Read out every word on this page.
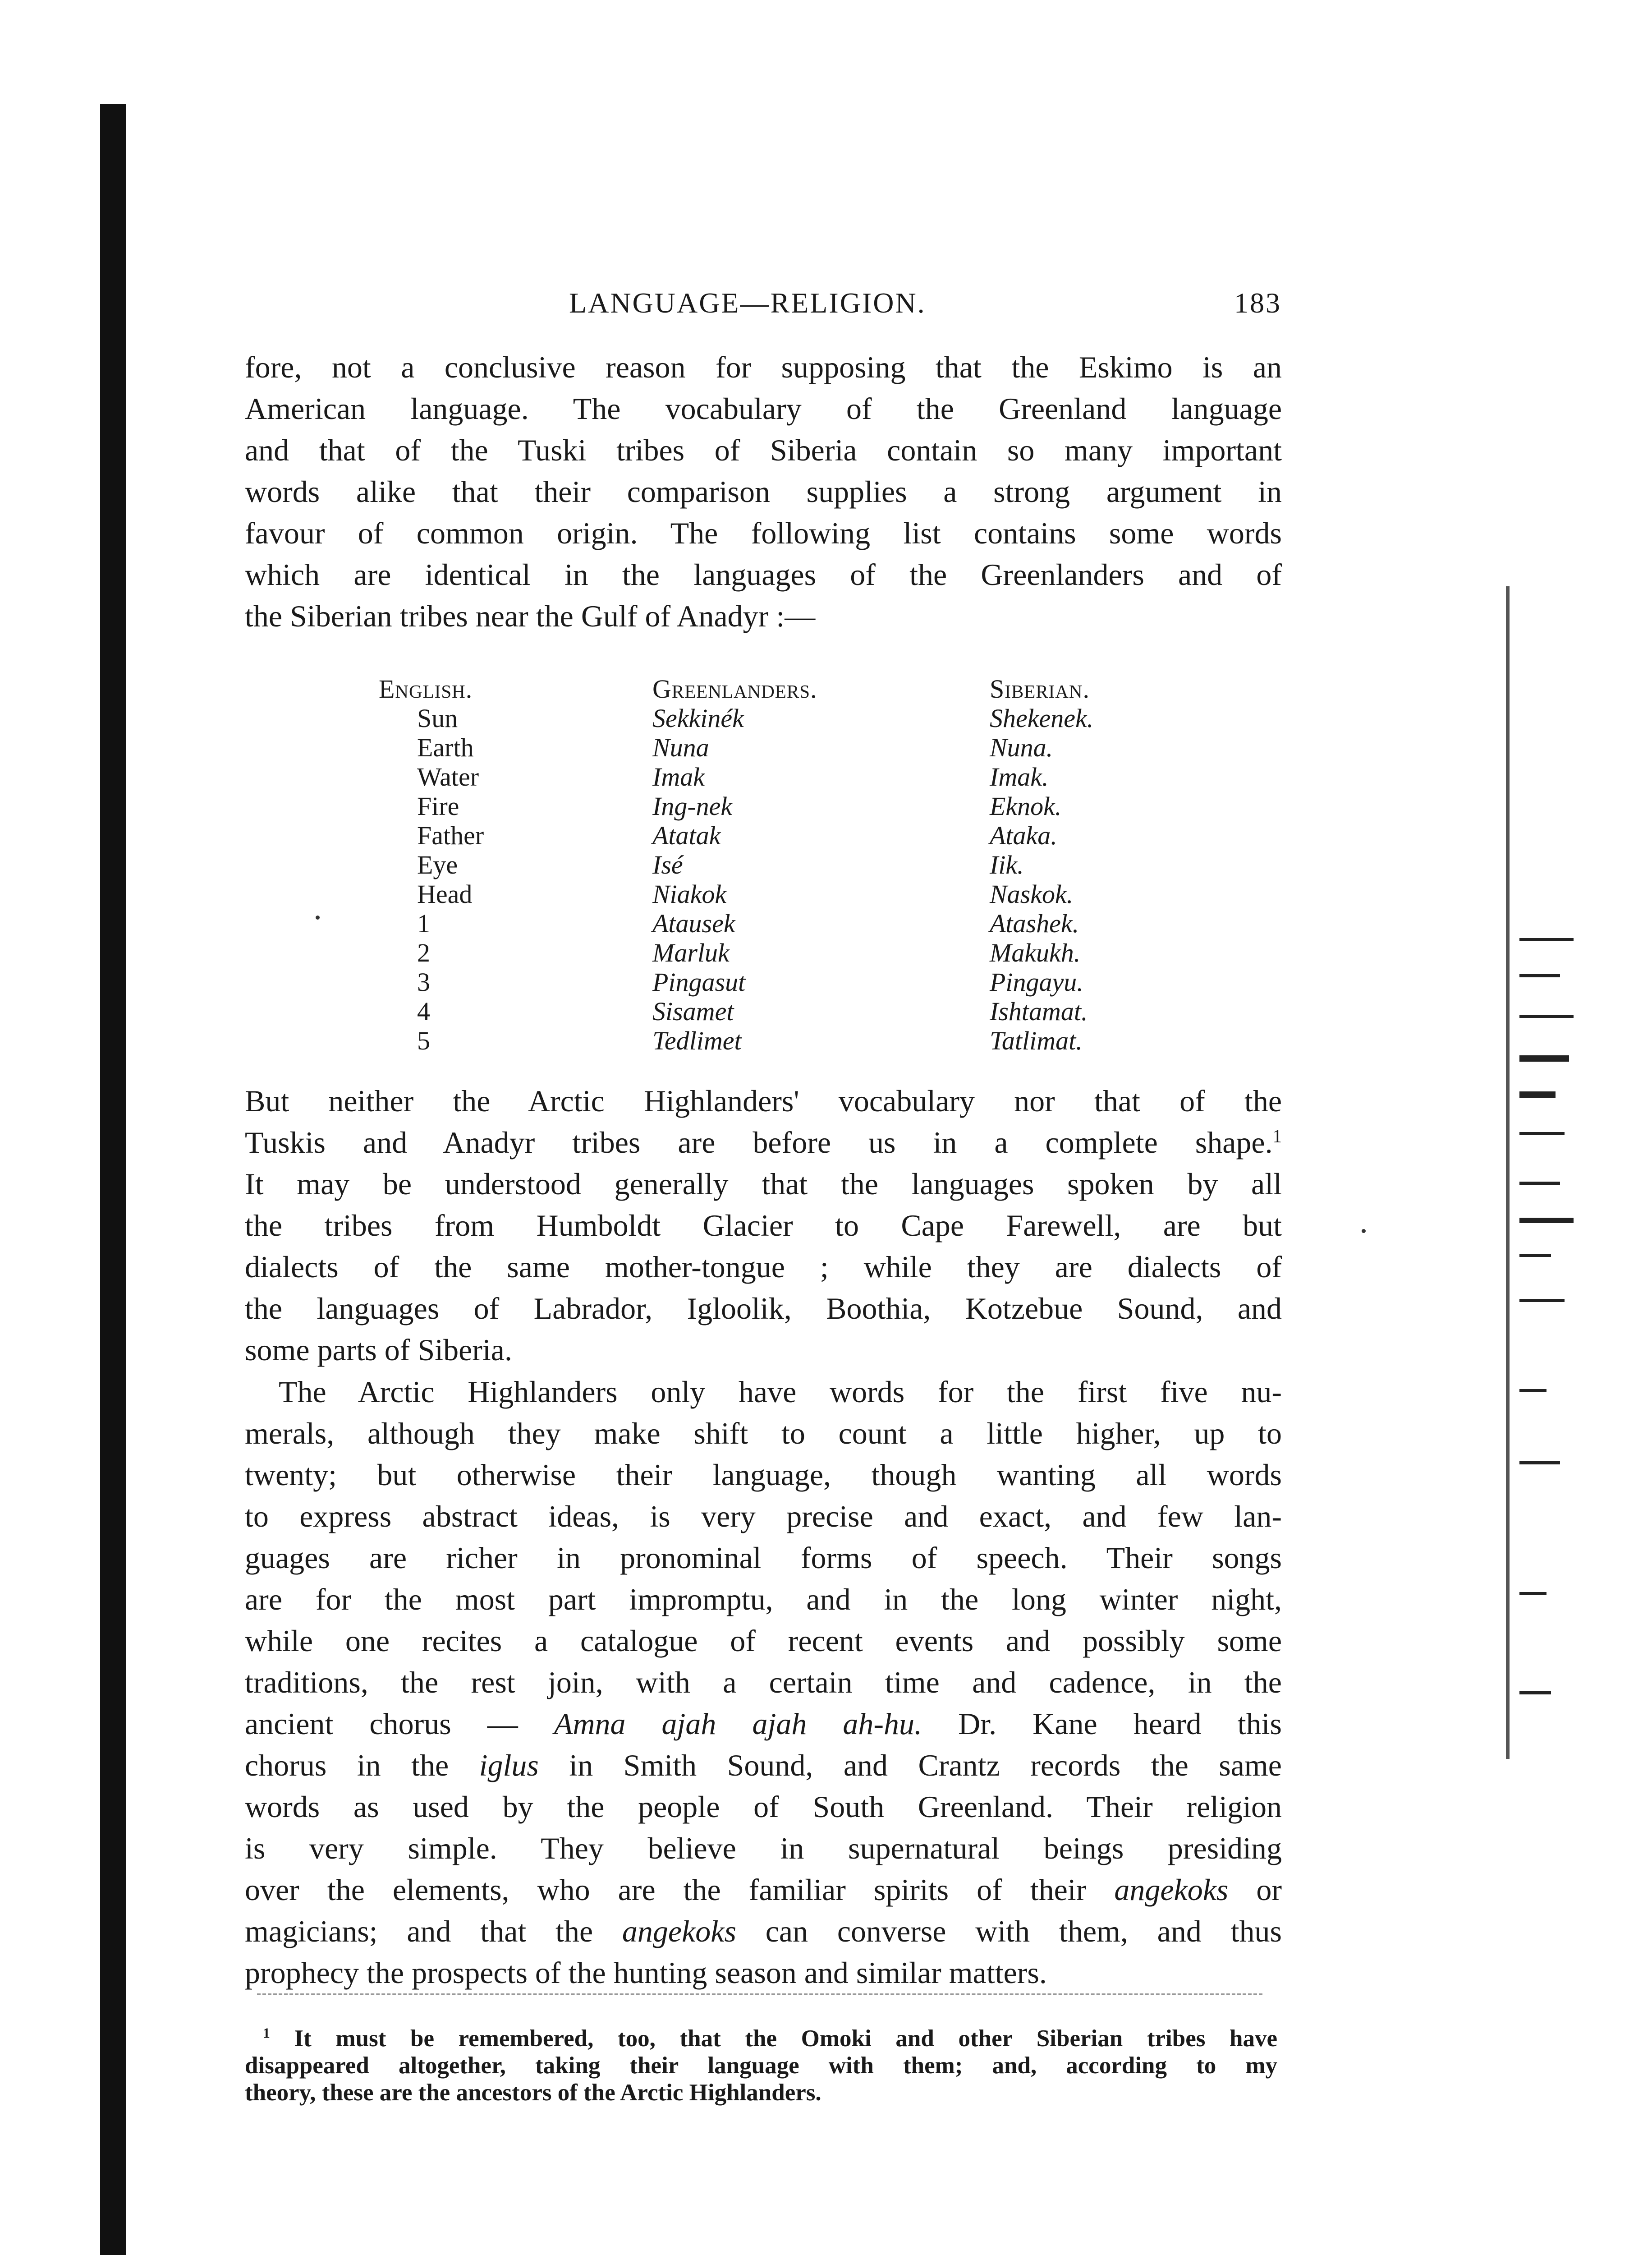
LANGUAGE—RELIGION.	183
fore, not a conclusive reason for supposing that the Eskimo is an
American language. The vocabulary of the Greenland language
and that of the Tuski tribes of Siberia contain so many important
words alike that their comparison supplies a strong argument in
favour of common origin. The following list contains some words
which are identical in the languages of the Greenlanders and of
the Siberian tribes near the Gulf of Anadyr :—
English.	Greenlanders.	Siberian.
Sun	Sekkinék	Shekenek.
Earth	Nuna	Nuna.
Water	Imak	Imak.
Fire	Ing-nek	Eknok.
Father	Atatak	Ataka.
Eye	Isé	Iik.
Head	Niakok	Naskok.
1	Atausek	Atashek.
2	Marluk	Makukh.
3	Pingasut	Pingayu.
4	Sisamet	Ishtamat.
5	Tedlimet	Tatlimat.
But neither the Arctic Highlanders' vocabulary nor that of the
Tuskis and Anadyr tribes are before us in a complete shape.$^1$
It may be understood generally that the languages spoken by all
the tribes from Humboldt Glacier to Cape Farewell, are but
dialects of the same mother-tongue ; while they are dialects of
the languages of Labrador, Igloolik, Boothia, Kotzebue Sound, and
some parts of Siberia.
The Arctic Highlanders only have words for the first five nu-
merals, although they make shift to count a little higher, up to
twenty; but otherwise their language, though wanting all words
to express abstract ideas, is very precise and exact, and few lan-
guages are richer in pronominal forms of speech. Their songs
are for the most part impromptu, and in the long winter night,
while one recites a catalogue of recent events and possibly some
traditions, the rest join, with a certain time and cadence, in the
ancient chorus — Amna ajah ajah ah-hu. Dr. Kane heard this
chorus in the iglus in Smith Sound, and Crantz records the same
words as used by the people of South Greenland. Their religion
is very simple. They believe in supernatural beings presiding
over the elements, who are the familiar spirits of their angekoks or
magicians; and that the angekoks can converse with them, and thus
prophecy the prospects of the hunting season and similar matters.
$^1$ It must be remembered, too, that the Omoki and other Siberian tribes have
disappeared altogether, taking their language with them; and, according to my
theory, these are the ancestors of the Arctic Highlanders.
